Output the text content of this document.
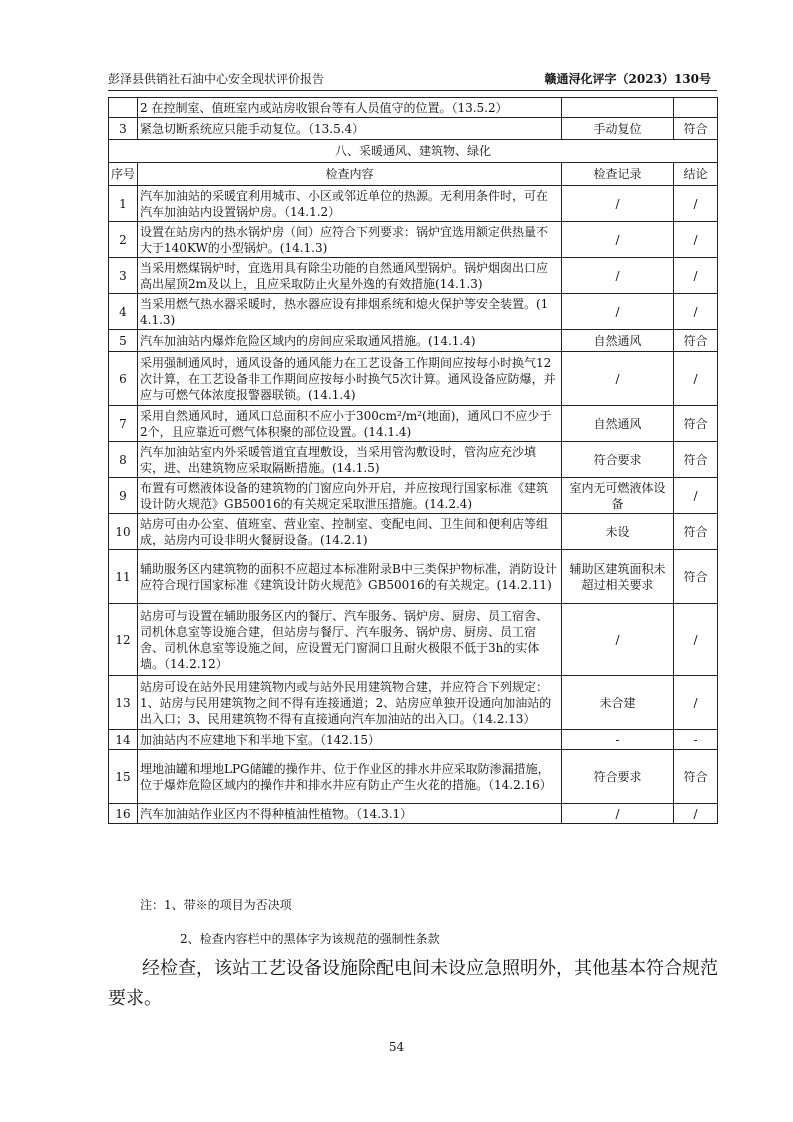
彭泽县供销社石油中心安全现状评价报告	赣通浔化评字（2023）130号
	2 在控制室、值班室内或站房收银台等有人员值守的位置。（13.5.2）		
3	紧急切断系统应只能手动复位。（13.5.4）	手动复位	符合
八、采暖通风、建筑物、绿化			
序号	检查内容	检查记录	结论
1	汽车加油站的采暖宜利用城市、小区或邻近单位的热源。无利用条件时，可在汽车加油站内设置锅炉房。（14.1.2）	/	/
2	设置在站房内的热水锅炉房（间）应符合下列要求：锅炉宜选用额定供热量不大于140KW的小型锅炉。(14.1.3)	/	/
3	当采用燃煤锅炉时，宜选用具有除尘功能的自然通风型锅炉。锅炉烟囱出口应高出屋顶2m及以上，且应采取防止火星外逸的有效措施(14.1.3)	/	/
4	当采用燃气热水器采暖时，热水器应设有排烟系统和熄火保护等安全装置。(14.1.3)	/	/
5	汽车加油站内爆炸危险区域内的房间应采取通风措施。(14.1.4)	自然通风	符合
6	采用强制通风时，通风设备的通风能力在工艺设备工作期间应按每小时换气12次计算，在工艺设备非工作期间应按每小时换气5次计算。通风设备应防爆，并应与可燃气体浓度报警器联锁。(14.1.4)	/	/
7	采用自然通风时，通风口总面积不应小于300cm²/m²(地面)，通风口不应少于2个，且应靠近可燃气体积聚的部位设置。(14.1.4)	自然通风	符合
8	汽车加油站室内外采暖管道宜直埋敷设，当采用管沟敷设时，管沟应充沙填实，进、出建筑物应采取隔断措施。(14.1.5)	符合要求	符合
9	布置有可燃液体设备的建筑物的门窗应向外开启，并应按现行国家标准《建筑设计防火规范》GB50016的有关规定采取泄压措施。(14.2.4)	室内无可燃液体设备	/
10	站房可由办公室、值班室、营业室、控制室、变配电间、卫生间和便利店等组成，站房内可设非明火餐厨设备。(14.2.1)	未设	符合
11	辅助服务区内建筑物的面积不应超过本标准附录B中三类保护物标准，消防设计应符合现行国家标准《建筑设计防火规范》GB50016的有关规定。(14.2.11)	辅助区建筑面积未超过相关要求	符合
12	站房可与设置在辅助服务区内的餐厅、汽车服务、锅炉房、厨房、员工宿舍、司机休息室等设施合建，但站房与餐厅、汽车服务、锅炉房、厨房、员工宿舍、司机休息室等设施之间，应设置无门窗洞口且耐火极限不低于3h的实体墙。（14.2.12）	/	/
13	站房可设在站外民用建筑物内或与站外民用建筑物合建，并应符合下列规定：1、站房与民用建筑物之间不得有连接通道；2、站房应单独开设通向加油站的出入口；3、民用建筑物不得有直接通向汽车加油站的出入口。（14.2.13）	未合建	/
14	加油站内不应建地下和半地下室。（142.15）	-	-
15	埋地油罐和埋地LPG储罐的操作井、位于作业区的排水井应采取防渗漏措施，位于爆炸危险区域内的操作井和排水井应有防止产生火花的措施。（14.2.16）	符合要求	符合
16	汽车加油站作业区内不得种植油性植物。（14.3.1）	/	/
注：1、带※的项目为否决项
2、检查内容栏中的黑体字为该规范的强制性条款
经检查，该站工艺设备设施除配电间未设应急照明外，其他基本符合规范要求。
54
